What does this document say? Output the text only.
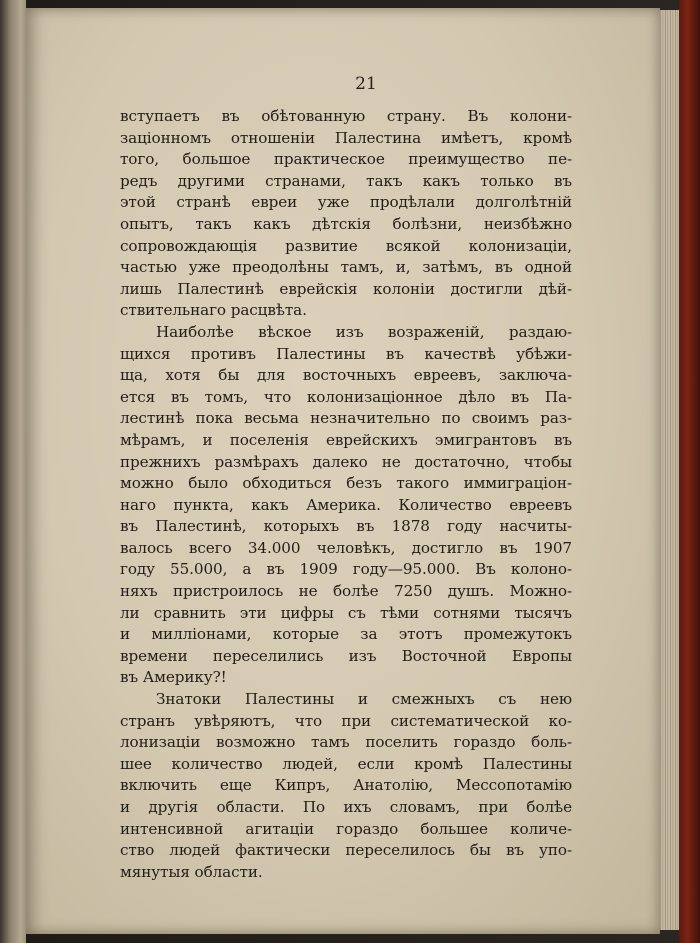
21
вступаетъ въ обѣтованную страну. Въ колони-
зацiонномъ отношенiи Палестина имѣетъ, кромѣ
того, большое практическое преимущество пе-
редъ другими странами, такъ какъ только въ
этой странѣ евреи уже продѣлали долголѣтнiй
опытъ, такъ какъ дѣтскiя болѣзни, неизбѣжно
сопровождающiя развитие всякой колонизацiи,
частью уже преодолѣны тамъ, и, затѣмъ, въ одной
лишь Палестинѣ еврейскiя колонiи достигли дѣй-
ствительнаго расцвѣта.
Наиболѣе вѣское изъ возраженiй, раздаю-
щихся противъ Палестины въ качествѣ убѣжи-
ща, хотя бы для восточныхъ евреевъ, заключа-
ется въ томъ, что колонизацiонное дѣло въ Па-
лестинѣ пока весьма незначительно по своимъ раз-
мѣрамъ, и поселенiя еврейскихъ эмигрантовъ въ
прежнихъ размѣрахъ далеко не достаточно, чтобы
можно было обходиться безъ такого иммиграцiон-
наго пункта, какъ Америка. Количество евреевъ
въ Палестинѣ, которыхъ въ 1878 году насчиты-
валось всего 34.000 человѣкъ, достигло въ 1907
году 55.000, а въ 1909 году—95.000. Въ колоно-
няхъ пристроилось не болѣе 7250 душъ. Можно-
ли сравнить эти цифры съ тѣми сотнями тысячъ
и миллiонами, которые за этотъ промежутокъ
времени переселились изъ Восточной Европы
въ Америку?!
Знатоки Палестины и смежныхъ съ нею
странъ увѣряютъ, что при систематической ко-
лонизацiи возможно тамъ поселить гораздо боль-
шее количество людей, если кромѣ Палестины
включить еще Кипръ, Анатолiю, Мессопотамiю
и другiя области. По ихъ словамъ, при болѣе
интенсивной агитацiи гораздо большее количе-
ство людей фактически переселилось бы въ упо-
мянутыя области.
